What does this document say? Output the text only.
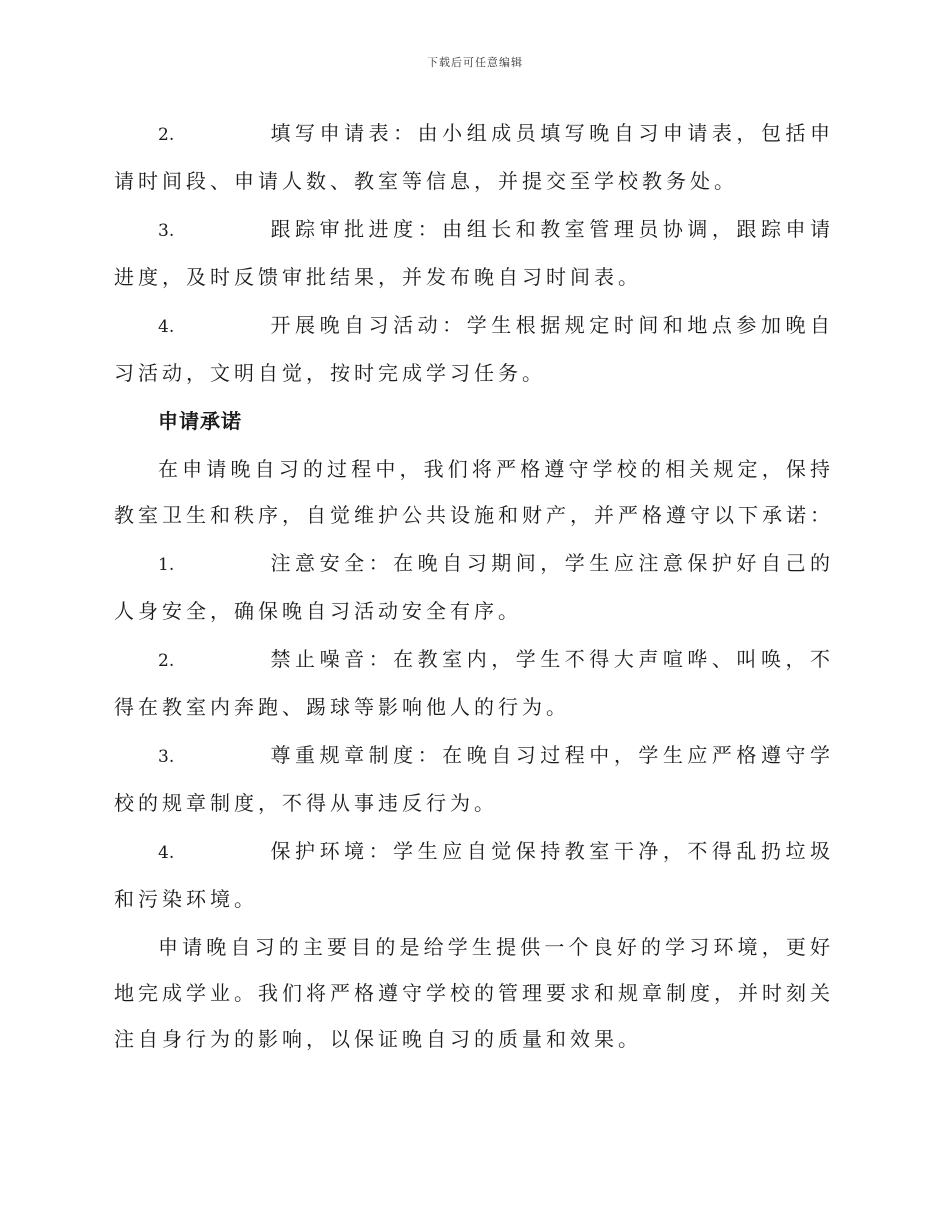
下载后可任意编辑

2.	填写申请表：由小组成员填写晚自习申请表，包括申请时间段、申请人数、教室等信息，并提交至学校教务处。

3.	跟踪审批进度：由组长和教室管理员协调，跟踪申请进度，及时反馈审批结果，并发布晚自习时间表。

4.	开展晚自习活动：学生根据规定时间和地点参加晚自习活动，文明自觉，按时完成学习任务。

申请承诺

在申请晚自习的过程中，我们将严格遵守学校的相关规定，保持教室卫生和秩序，自觉维护公共设施和财产，并严格遵守以下承诺：

1.	注意安全：在晚自习期间，学生应注意保护好自己的人身安全，确保晚自习活动安全有序。

2.	禁止噪音：在教室内，学生不得大声喧哗、叫唤，不得在教室内奔跑、踢球等影响他人的行为。

3.	尊重规章制度：在晚自习过程中，学生应严格遵守学校的规章制度，不得从事违反行为。

4.	保护环境：学生应自觉保持教室干净，不得乱扔垃圾和污染环境。

申请晚自习的主要目的是给学生提供一个良好的学习环境，更好地完成学业。我们将严格遵守学校的管理要求和规章制度，并时刻关注自身行为的影响，以保证晚自习的质量和效果。
